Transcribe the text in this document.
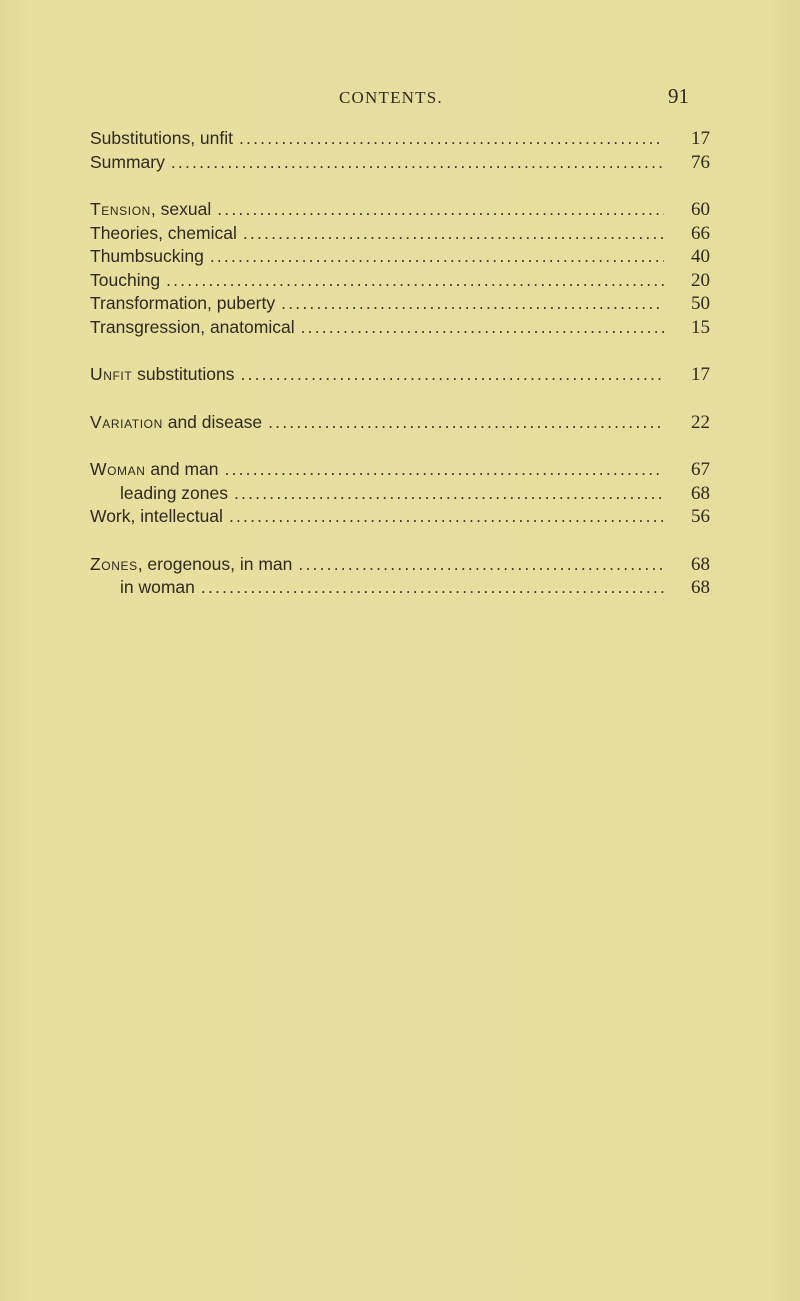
CONTENTS.	91
Substitutions, unfit .....	17
Summary .....	76
Tension, sexual .....	60
Theories, chemical .....	66
Thumbsucking .....	40
Touching .....	20
Transformation, puberty .....	50
Transgression, anatomical .....	15
Unfit substitutions .....	17
Variation and disease .....	22
Woman and man .....	67
leading zones .....	68
Work, intellectual .....	56
Zones, erogenous, in man .....	68
in woman .....	68
